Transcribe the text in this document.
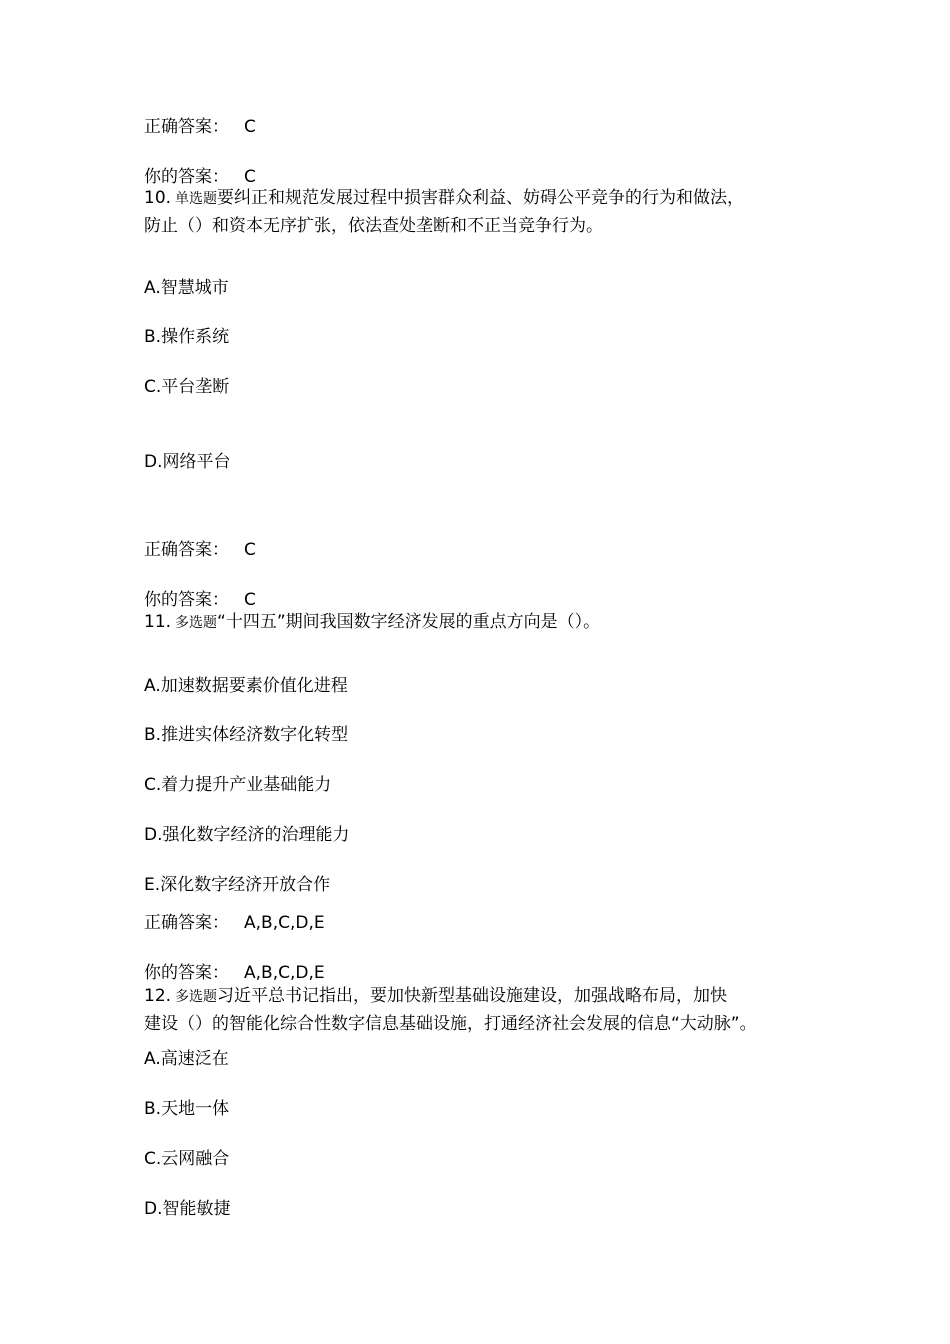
正确答案： C
你的答案： C
10. 单选题要纠正和规范发展过程中损害群众利益、妨碍公平竞争的行为和做法，
防止（）和资本无序扩张，依法查处垄断和不正当竞争行为。
A.智慧城市
B.操作系统
C.平台垄断
D.网络平台
正确答案： C
你的答案： C
11. 多选题“十四五”期间我国数字经济发展的重点方向是（）。
A.加速数据要素价值化进程
B.推进实体经济数字化转型
C.着力提升产业基础能力
D.强化数字经济的治理能力
E.深化数字经济开放合作
正确答案： A,B,C,D,E
你的答案： A,B,C,D,E
12. 多选题习近平总书记指出，要加快新型基础设施建设，加强战略布局，加快
建设（）的智能化综合性数字信息基础设施，打通经济社会发展的信息“大动脉”。
A.高速泛在
B.天地一体
C.云网融合
D.智能敏捷
